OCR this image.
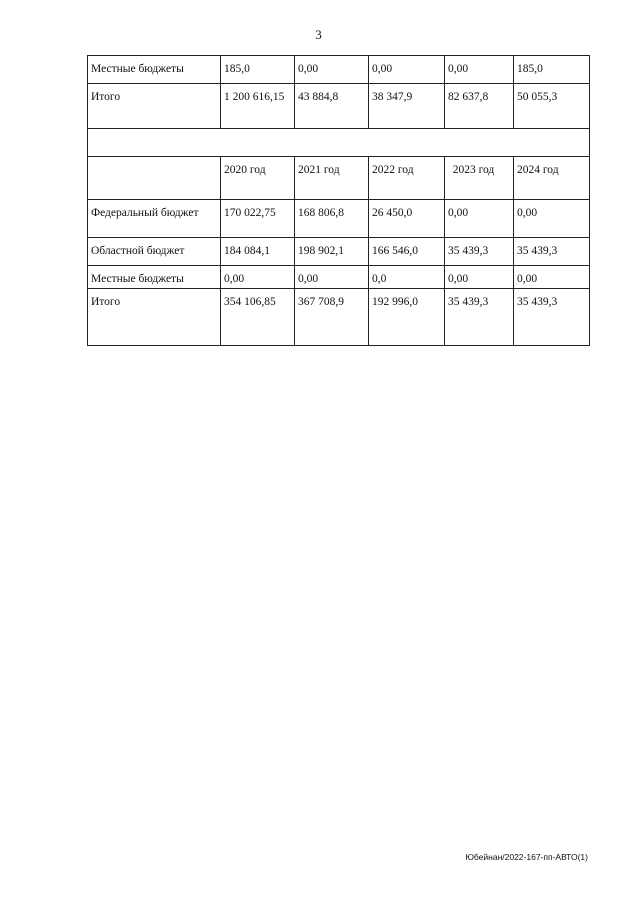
3
Местные бюджеты	185,0	0,00	0,00	0,00	185,0
Итого	1 200 616,15	43 884,8	38 347,9	82 637,8	50 055,3

	2020 год	2021 год	2022 год	2023 год	2024 год
Федеральный бюджет	170 022,75	168 806,8	26 450,0	0,00	0,00
Областной бюджет	184 084,1	198 902,1	166 546,0	35 439,3	35 439,3
Местные бюджеты	0,00	0,00	0,0	0,00	0,00
Итого	354 106,85	367 708,9	192 996,0	35 439,3	35 439,3
Юбейнан/2022-167-пп-АВТО(1)
